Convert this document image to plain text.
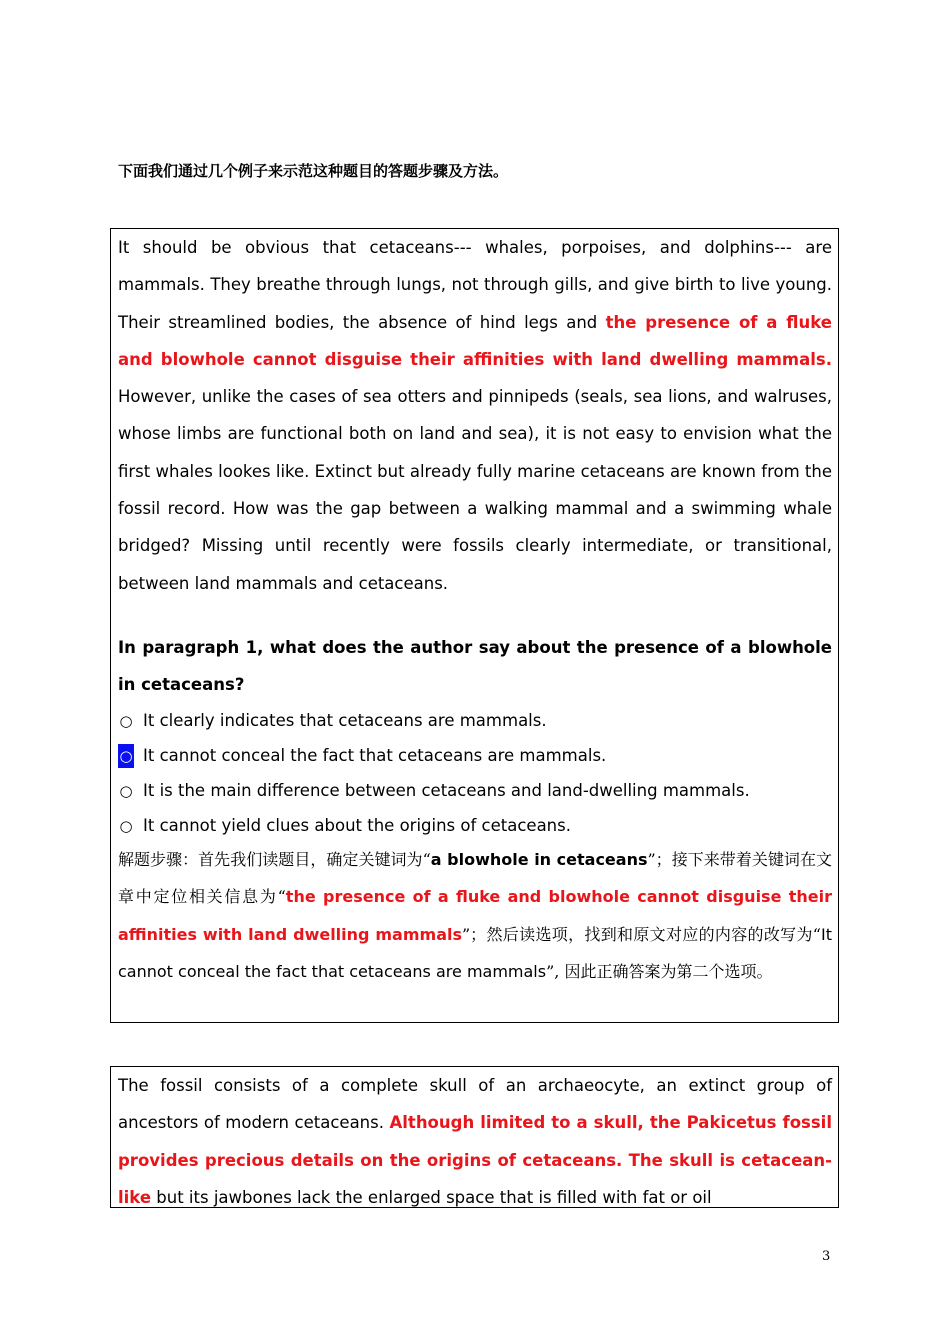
下面我们通过几个例子来示范这种题目的答题步骤及方法。

It should be obvious that cetaceans--- whales, porpoises, and dolphins--- are mammals. They breathe through lungs, not through gills, and give birth to live young. Their streamlined bodies, the absence of hind legs and the presence of a fluke and blowhole cannot disguise their affinities with land dwelling mammals. However, unlike the cases of sea otters and pinnipeds (seals, sea lions, and walruses, whose limbs are functional both on land and sea), it is not easy to envision what the first whales lookes like. Extinct but already fully marine cetaceans are known from the fossil record. How was the gap between a walking mammal and a swimming whale bridged? Missing until recently were fossils clearly intermediate, or transitional, between land mammals and cetaceans.

In paragraph 1, what does the author say about the presence of a blowhole in cetaceans?

○ It clearly indicates that cetaceans are mammals.
○ It cannot conceal the fact that cetaceans are mammals.
○ It is the main difference between cetaceans and land-dwelling mammals.
○ It cannot yield clues about the origins of cetaceans.

解题步骤：首先我们读题目，确定关键词为“a blowhole in cetaceans”；接下来带着关键词在文章中定位相关信息为“the presence of a fluke and blowhole cannot disguise their affinities with land dwelling mammals”；然后读选项，找到和原文对应的内容的改写为“It cannot conceal the fact that cetaceans are mammals”, 因此正确答案为第二个选项。

The fossil consists of a complete skull of an archaeocyte, an extinct group of ancestors of modern cetaceans. Although limited to a skull, the Pakicetus fossil provides precious details on the origins of cetaceans. The skull is cetacean-like but its jawbones lack the enlarged space that is filled with fat or oil

3
